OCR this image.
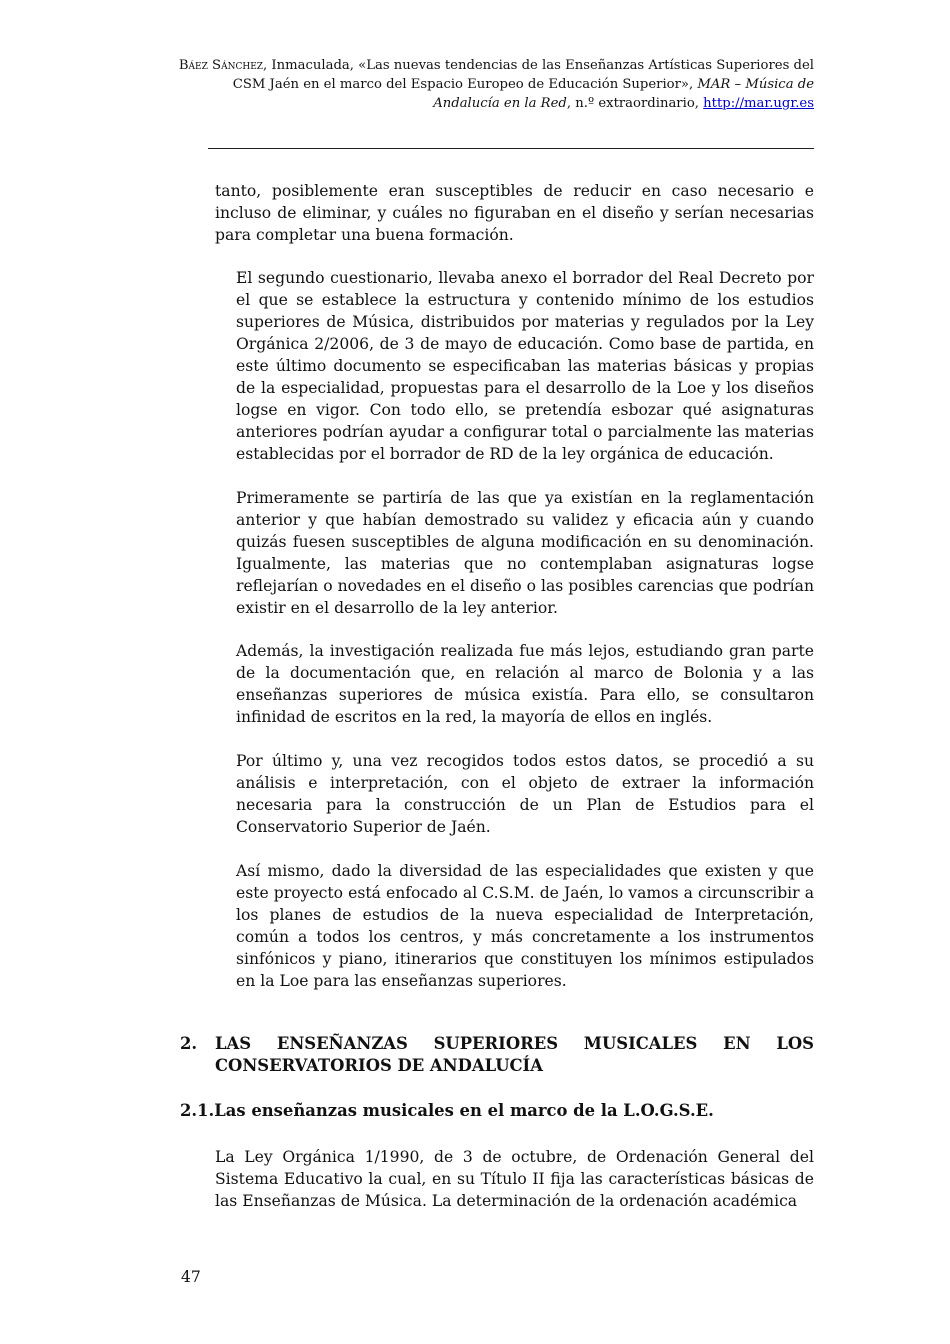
Báez Sánchez, Inmaculada, «Las nuevas tendencias de las Enseñanzas Artísticas Superiores del CSM Jaén en el marco del Espacio Europeo de Educación Superior», MAR – Música de Andalucía en la Red, n.º extraordinario, http://mar.ugr.es

tanto, posiblemente eran susceptibles de reducir en caso necesario e incluso de eliminar, y cuáles no figuraban en el diseño y serían necesarias para completar una buena formación.

El segundo cuestionario, llevaba anexo el borrador del Real Decreto por el que se establece la estructura y contenido mínimo de los estudios superiores de Música, distribuidos por materias y regulados por la Ley Orgánica 2/2006, de 3 de mayo de educación. Como base de partida, en este último documento se especificaban las materias básicas y propias de la especialidad, propuestas para el desarrollo de la Loe y los diseños logse en vigor. Con todo ello, se pretendía esbozar qué asignaturas anteriores podrían ayudar a configurar total o parcialmente las materias establecidas por el borrador de RD de la ley orgánica de educación.

Primeramente se partiría de las que ya existían en la reglamentación anterior y que habían demostrado su validez y eficacia aún y cuando quizás fuesen susceptibles de alguna modificación en su denominación. Igualmente, las materias que no contemplaban asignaturas logse reflejarían o novedades en el diseño o las posibles carencias que podrían existir en el desarrollo de la ley anterior.

Además, la investigación realizada fue más lejos, estudiando gran parte de la documentación que, en relación al marco de Bolonia y a las enseñanzas superiores de música existía. Para ello, se consultaron infinidad de escritos en la red, la mayoría de ellos en inglés.

Por último y, una vez recogidos todos estos datos, se procedió a su análisis e interpretación, con el objeto de extraer la información necesaria para la construcción de un Plan de Estudios para el Conservatorio Superior de Jaén.

Así mismo, dado la diversidad de las especialidades que existen y que este proyecto está enfocado al C.S.M. de Jaén, lo vamos a circunscribir a los planes de estudios de la nueva especialidad de Interpretación, común a todos los centros, y más concretamente a los instrumentos sinfónicos y piano, itinerarios que constituyen los mínimos estipulados en la Loe para las enseñanzas superiores.

2. LAS ENSEÑANZAS SUPERIORES MUSICALES EN LOS CONSERVATORIOS DE ANDALUCÍA
2.1.Las enseñanzas musicales en el marco de la L.O.G.S.E.

La Ley Orgánica 1/1990, de 3 de octubre, de Ordenación General del Sistema Educativo la cual, en su Título II fija las características básicas de las Enseñanzas de Música. La determinación de la ordenación académica

47
